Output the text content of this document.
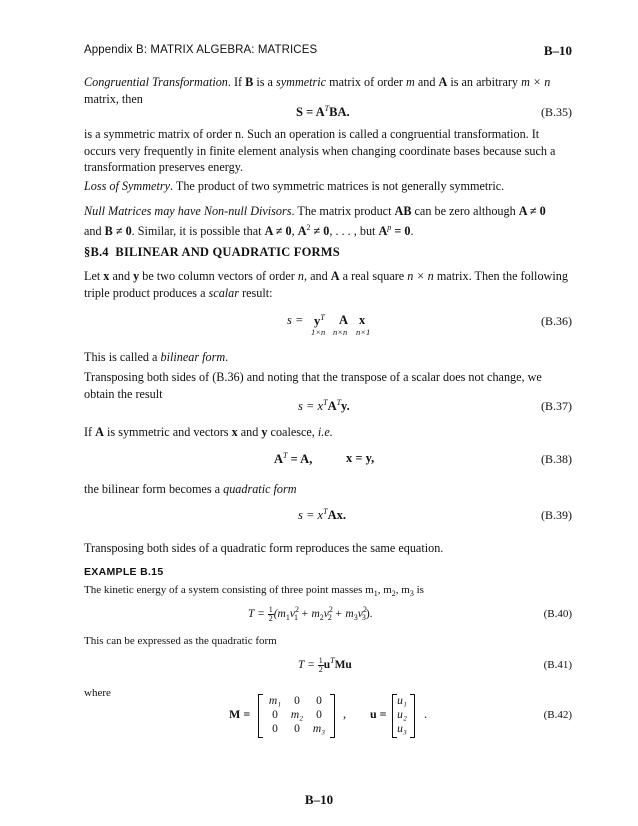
Appendix B: MATRIX ALGEBRA: MATRICES	B–10
Congruential Transformation. If B is a symmetric matrix of order m and A is an arbitrary m × n
matrix, then
$S = A^TBA$.	(B.35)
is a symmetric matrix of order n. Such an operation is called a congruential transformation. It occurs very frequently in finite element analysis when changing coordinate bases because such a transformation preserves energy.
Loss of Symmetry. The product of two symmetric matrices is not generally symmetric.
Null Matrices may have Non-null Divisors. The matrix product AB can be zero although A ≠ 0
and B ≠ 0. Similar, it is possible that A ≠ 0, $A^2 \ne 0$, . . . , but $A^p = 0$.
§B.4 BILINEAR AND QUADRATIC FORMS
Let x and y be two column vectors of order n, and A a real square n × n matrix. Then the following
triple product produces a scalar result:
$s = y^T$ A x
1×n n×n n×1
(B.36)
This is called a bilinear form.
Transposing both sides of (B.36) and noting that the transpose of a scalar does not change, we
obtain the result
$s = x^TA^Ty$.	(B.37)
If A is symmetric and vectors x and y coalesce, i.e.
$A^T = A$,	x = y,	(B.38)
the bilinear form becomes a quadratic form
$s = x^TAx$.	(B.39)
Transposing both sides of a quadratic form reproduces the same equation.
EXAMPLE B.15
The kinetic energy of a system consisting of three point masses $m_1$, $m_2$, $m_3$ is
$T = \frac{1}{2} (m_1v^2_1 + m_2v^2_2 + m_3v^2_3)$.	(B.40)
This can be expressed as the quadratic form
$T = \frac{1}{2} u^TMu$	(B.41)
where
M =
m₁	0	0
0	m₂	0
0	0	m₃
, u =
u₁
u₂
u₃
.	(B.42)
B–10
